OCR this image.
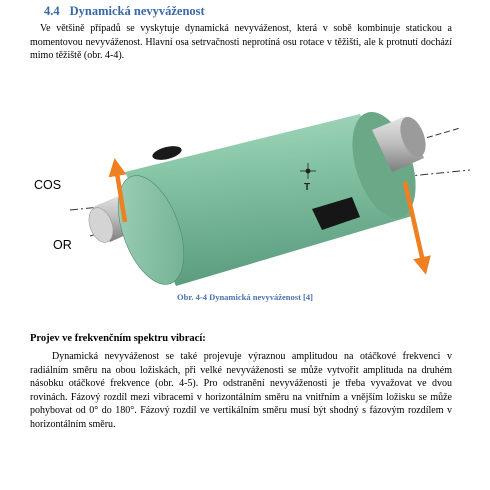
4.4 Dynamická nevyváženost
Ve většině případů se vyskytuje dynamická nevyváženost, která v sobě kombinuje statickou a momentovou nevyváženost. Hlavní osa setrvačnosti neprotíná osu rotace v těžišti, ale k protnutí dochází mimo těžiště (obr. 4-4).
T
COS
OR
Obr. 4-4 Dynamická nevyváženost [4]
Projev ve frekvenčním spektru vibrací:
Dynamická nevyváženost se také projevuje výraznou amplitudou na otáčkové frekvenci v radiálním směru na obou ložiskách, při velké nevyváženosti se může vytvořit amplituda na druhém násobku otáčkové frekvence (obr. 4-5). Pro odstranění nevyváženosti je třeba vyvažovat ve dvou rovinách. Fázový rozdíl mezi vibracemi v horizontálním směru na vnitřním a vnějším ložisku se může pohybovat od 0° do 180°. Fázový rozdíl ve vertikálním směru musí být shodný s fázovým rozdílem v horizontálním směru.
